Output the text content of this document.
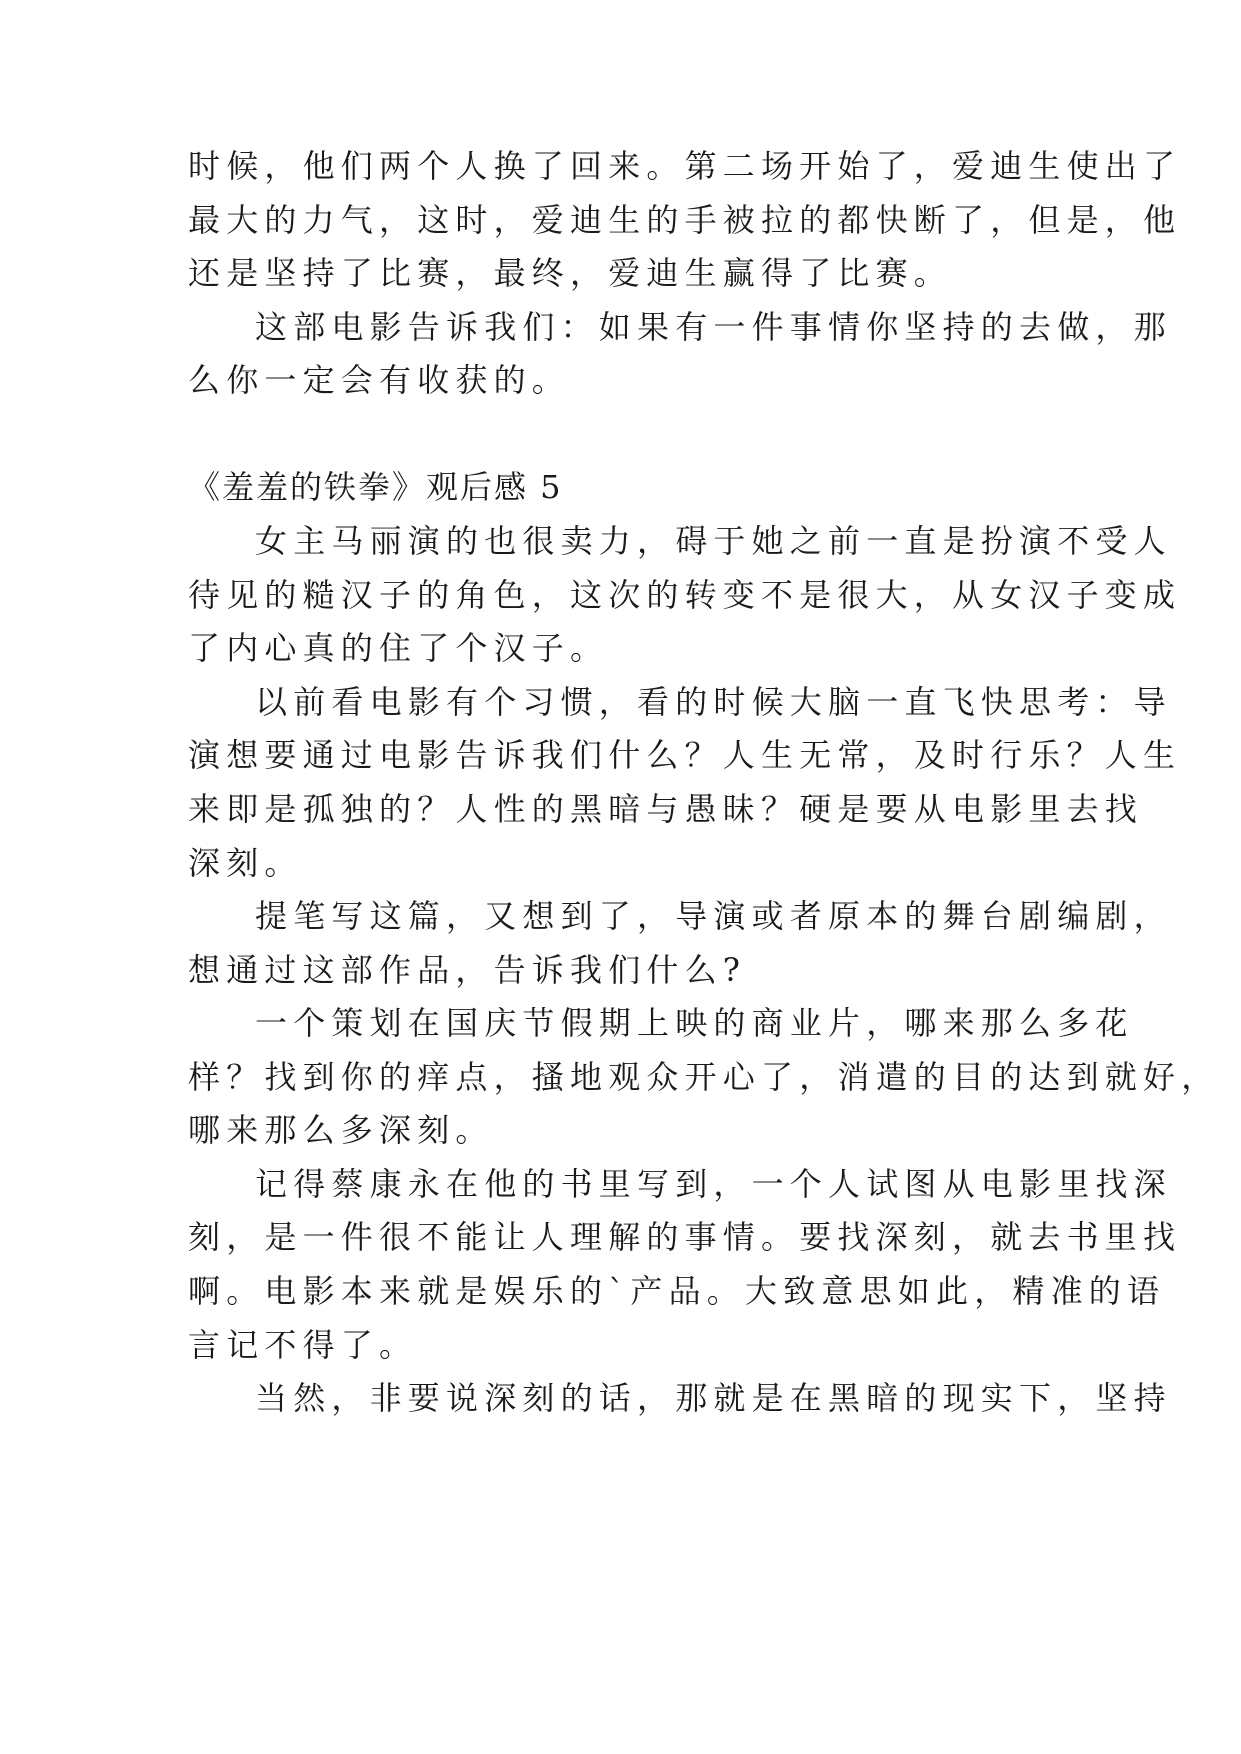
时候，他们两个人换了回来。第二场开始了，爱迪生使出了
最大的力气，这时，爱迪生的手被拉的都快断了，但是，他
还是坚持了比赛，最终，爱迪生赢得了比赛。
这部电影告诉我们：如果有一件事情你坚持的去做，那
么你一定会有收获的。
《羞羞的铁拳》观后感 5
女主马丽演的也很卖力，碍于她之前一直是扮演不受人
待见的糙汉子的角色，这次的转变不是很大，从女汉子变成
了内心真的住了个汉子。
以前看电影有个习惯，看的时候大脑一直飞快思考：导
演想要通过电影告诉我们什么？人生无常，及时行乐？人生
来即是孤独的？人性的黑暗与愚昧？硬是要从电影里去找
深刻。
提笔写这篇，又想到了，导演或者原本的舞台剧编剧，
想通过这部作品，告诉我们什么?
一个策划在国庆节假期上映的商业片，哪来那么多花
样？找到你的痒点，搔地观众开心了，消遣的目的达到就好，
哪来那么多深刻。
记得蔡康永在他的书里写到，一个人试图从电影里找深
刻，是一件很不能让人理解的事情。要找深刻，就去书里找
啊。电影本来就是娱乐的`产品。大致意思如此，精准的语
言记不得了。
当然，非要说深刻的话，那就是在黑暗的现实下，坚持
